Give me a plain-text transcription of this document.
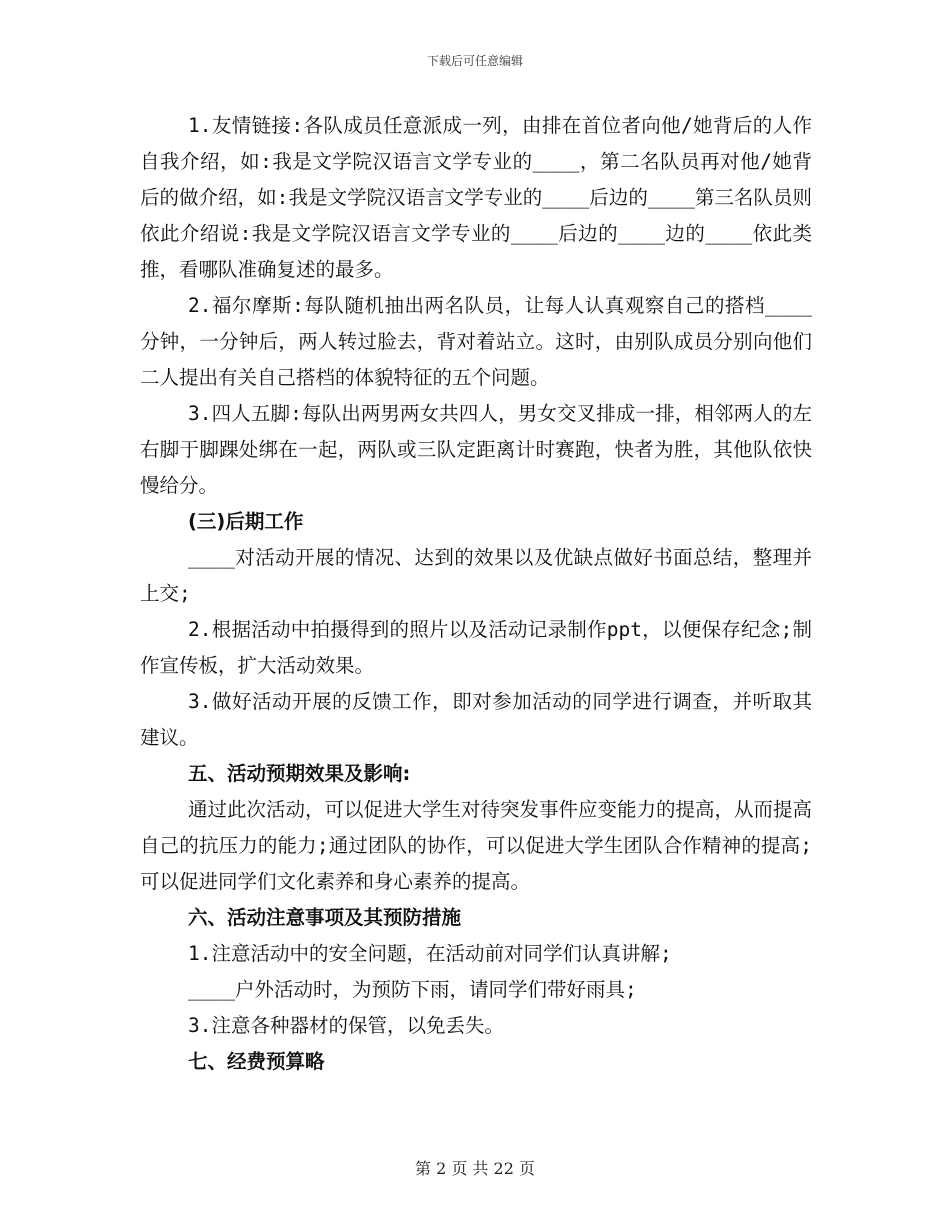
下载后可任意编辑

1.友情链接:各队成员任意派成一列，由排在首位者向他/她背后的人作自我介绍，如:我是文学院汉语言文学专业的____，第二名队员再对他/她背后的做介绍，如:我是文学院汉语言文学专业的____后边的____第三名队员则依此介绍说:我是文学院汉语言文学专业的____后边的____边的____依此类推，看哪队准确复述的最多。

2.福尔摩斯:每队随机抽出两名队员，让每人认真观察自己的搭档____分钟，一分钟后，两人转过脸去，背对着站立。这时，由别队成员分别向他们二人提出有关自己搭档的体貌特征的五个问题。

3.四人五脚:每队出两男两女共四人，男女交叉排成一排，相邻两人的左右脚于脚踝处绑在一起，两队或三队定距离计时赛跑，快者为胜，其他队依快慢给分。

(三)后期工作

____对活动开展的情况、达到的效果以及优缺点做好书面总结，整理并上交;

2.根据活动中拍摄得到的照片以及活动记录制作ppt，以便保存纪念;制作宣传板，扩大活动效果。

3.做好活动开展的反馈工作，即对参加活动的同学进行调查，并听取其建议。

五、活动预期效果及影响:

通过此次活动，可以促进大学生对待突发事件应变能力的提高，从而提高自己的抗压力的能力;通过团队的协作，可以促进大学生团队合作精神的提高;可以促进同学们文化素养和身心素养的提高。

六、活动注意事项及其预防措施

1.注意活动中的安全问题，在活动前对同学们认真讲解;

____户外活动时，为预防下雨，请同学们带好雨具;

3.注意各种器材的保管，以免丢失。

七、经费预算略

第 2 页 共 22 页
